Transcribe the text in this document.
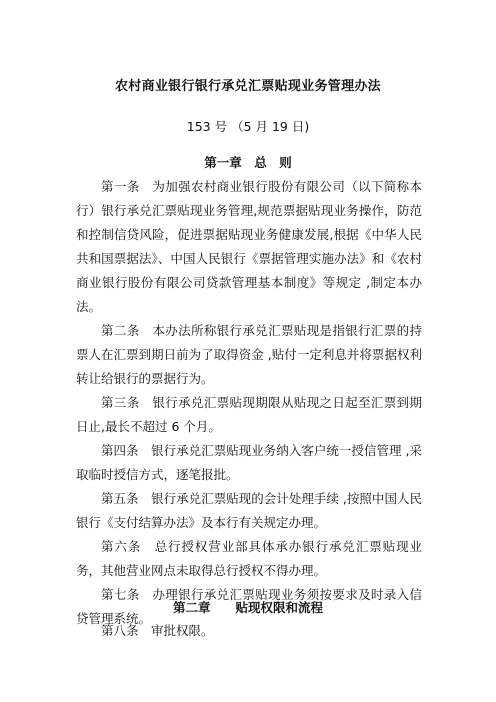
农村商业银行银行承兑汇票贴现业务管理办法
153 号 （5 月 19 日)
第一章　总　则

第一条　为加强农村商业银行股份有限公司（以下简称本行）银行承兑汇票贴现业务管理,规范票据贴现业务操作，防范和控制信贷风险，促进票据贴现业务健康发展,根据《中华人民共和国票据法》、中国人民银行《票据管理实施办法》和《农村商业银行股份有限公司贷款管理基本制度》等规定 ,制定本办法。

第二条　本办法所称银行承兑汇票贴现是指银行汇票的持票人在汇票到期日前为了取得资金 ,贴付一定利息并将票据权利转让给银行的票据行为。

第三条　银行承兑汇票贴现期限从贴现之日起至汇票到期日止,最长不超过 6 个月。

第四条　银行承兑汇票贴现业务纳入客户统一授信管理 ,采取临时授信方式，逐笔报批。

第五条　银行承兑汇票贴现的会计处理手续 ,按照中国人民银行《支付结算办法》及本行有关规定办理。

第六条　总行授权营业部具体承办银行承兑汇票贴现业务，其他营业网点未取得总行授权不得办理。

第七条　办理银行承兑汇票贴现业务须按要求及时录入信贷管理系统。

第二章　　贴现权限和流程

第八条　审批权限。
